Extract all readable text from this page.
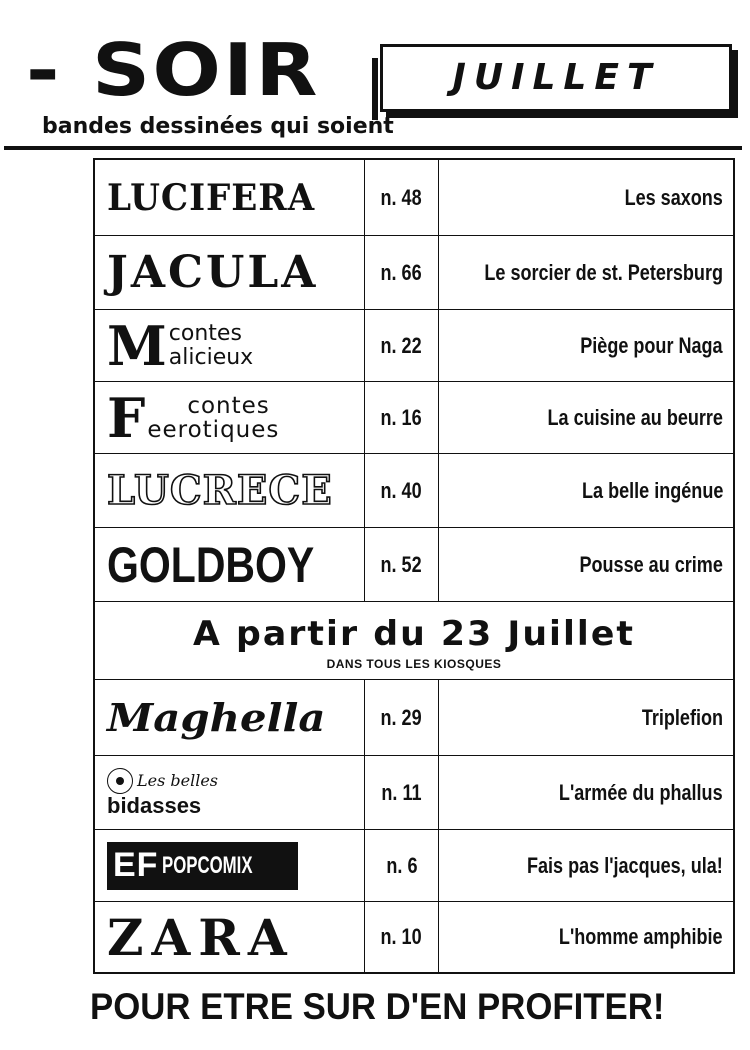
- SOIR	JUILLET
bandes dessinées qui soient
LUCIFERA	n. 48	Les saxons
JACULA	n. 66	Le sorcier de st. Petersburg
M contes
alicieux	n. 22	Piège pour Naga
F	contes
eerotiques	n. 16	La cuisine au beurre
LUCRECE n. 40	La belle ingénue
GOLDBOY	n. 52	Pousse au crime
A partir du 23 Juillet
DANS TOUS LES KIOSQUES
Maghella	n. 29	Triplefion
Les belles
bidasses
n. 11	L'armée du phallus
EF POPCOMIX	n. 6	Fais pas l'jacques, ula!
ZARA	n. 10	L'homme amphibie
POUR ETRE SUR D'EN PROFITER!
